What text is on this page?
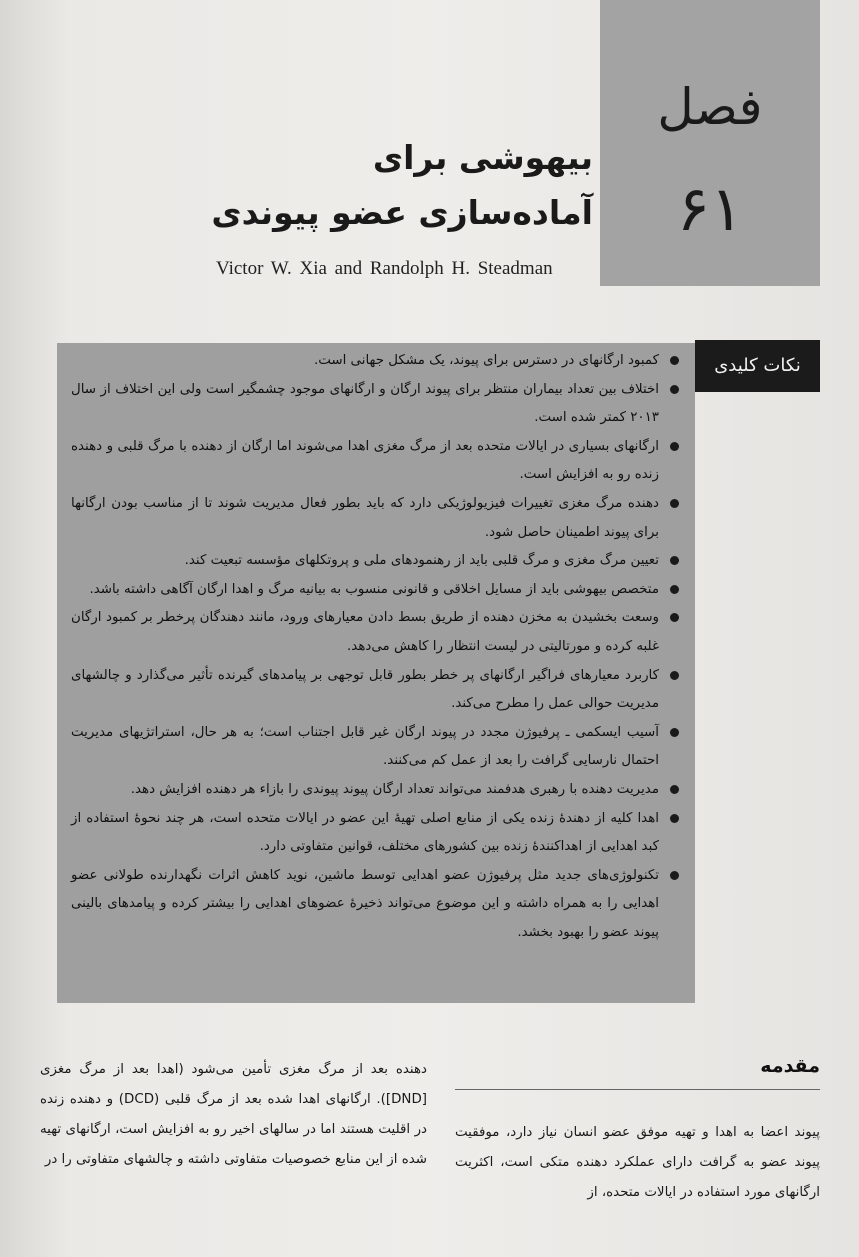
فصل
۶۱
بیهوشی برای
آماده‌سازی عضو پیوندی
Victor W. Xia and Randolph H. Steadman
نکات کلیدی
کمبود ارگانهای در دسترس برای پیوند، یک مشکل جهانی است.
اختلاف بین تعداد بیماران منتظر برای پیوند ارگان و ارگانهای موجود چشمگیر است ولی این اختلاف از سال ۲۰۱۳ کمتر شده است.
ارگانهای بسیاری در ایالات متحده بعد از مرگ مغزی اهدا می‌شوند اما ارگان از دهنده با مرگ قلبی و دهنده زنده رو به افزایش است.
دهنده مرگ مغزی تغییرات فیزیولوژیکی دارد که باید بطور فعال مدیریت شوند تا از مناسب بودن ارگانها برای پیوند اطمینان حاصل شود.
تعیین مرگ مغزی و مرگ قلبی باید از رهنمودهای ملی و پروتکلهای مؤسسه تبعیت کند.
متخصص بیهوشی باید از مسایل اخلاقی و قانونی منسوب به بیانیه مرگ و اهدا ارگان آگاهی داشته باشد.
وسعت بخشیدن به مخزن دهنده از طریق بسط دادن معیارهای ورود، مانند دهندگان پرخطر بر کمبود ارگان غلبه کرده و مورتالیتی در لیست انتظار را کاهش می‌دهد.
کاربرد معیارهای فراگیر ارگانهای پر خطر بطور قابل توجهی بر پیامدهای گیرنده تأثیر می‌گذارد و چالشهای مدیریت حوالی عمل را مطرح می‌کند.
آسیب ایسکمی ـ پرفیوژن مجدد در پیوند ارگان غیر قابل اجتناب است؛ به هر حال، استراتژیهای مدیریت احتمال نارسایی گرافت را بعد از عمل کم می‌کنند.
مدیریت دهنده با رهبری هدفمند می‌تواند تعداد ارگان پیوند پیوندی را بازاء هر دهنده افزایش دهد.
اهدا کلیه از دهندهٔ زنده یکی از منابع اصلی تهیهٔ این عضو در ایالات متحده است، هر چند نحوهٔ استفاده از کبد اهدایی از اهداکنندهٔ زنده بین کشورهای مختلف، قوانین متفاوتی دارد.
تکنولوژی‌های جدید مثل پرفیوژن عضو اهدایی توسط ماشین، نوید کاهش اثرات نگهدارنده طولانی عضو اهدایی را به همراه داشته و این موضوع می‌تواند ذخیرهٔ عضوهای اهدایی را بیشتر کرده و پیامدهای بالینی پیوند عضو را بهبود بخشد.
مقدمه
پیوند اعضا به اهدا و تهیه موفق عضو انسان نیاز دارد، موفقیت پیوند عضو به گرافت دارای عملکرد دهنده متکی است، اکثریت ارگانهای مورد استفاده در ایالات متحده، از
دهنده بعد از مرگ مغزی تأمین می‌شود (اهدا بعد از مرگ مغزی [DND]). ارگانهای اهدا شده بعد از مرگ قلبی (DCD) و دهنده زنده در اقلیت هستند اما در سالهای اخیر رو به افزایش است، ارگانهای تهیه شده از این منابع خصوصیات متفاوتی داشته و چالشهای متفاوتی را در
